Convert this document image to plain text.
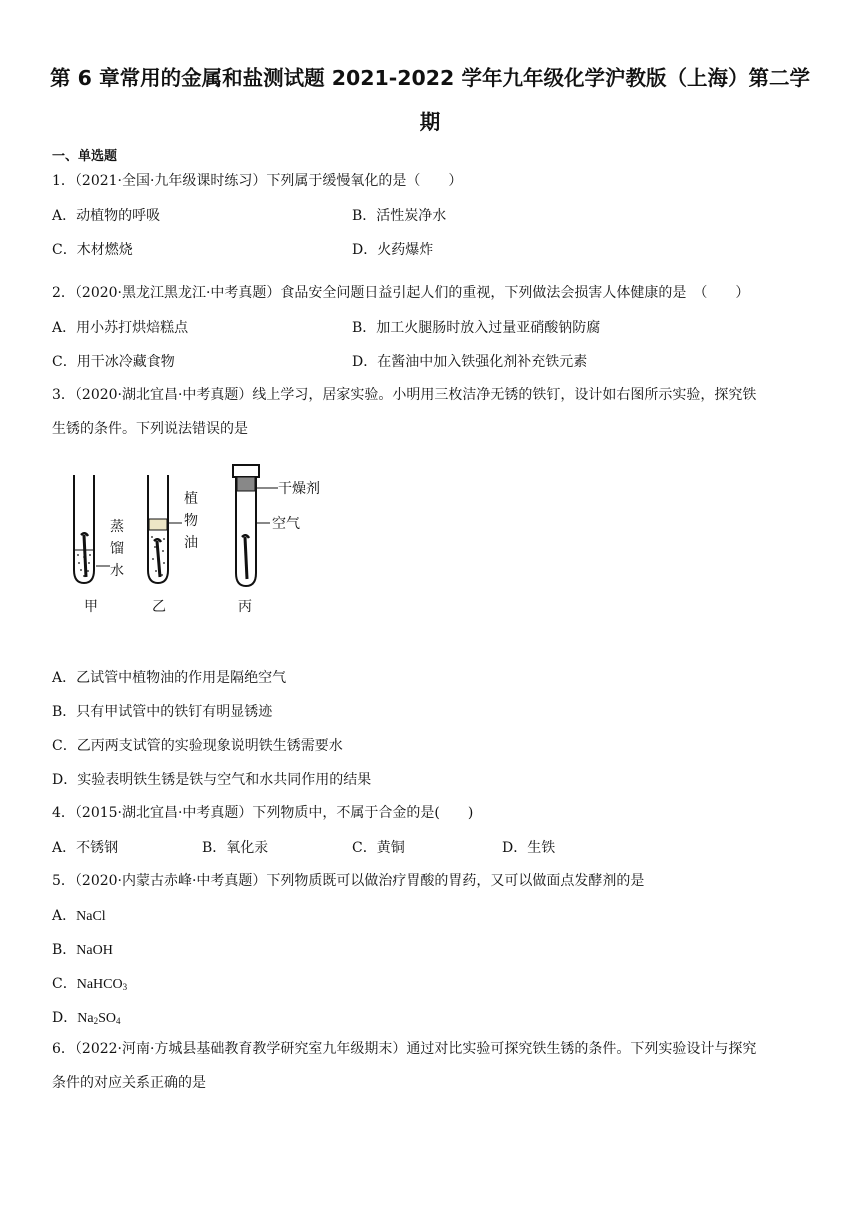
第 6 章常用的金属和盐测试题 2021-2022 学年九年级化学沪教版（上海）第二学
期
一、单选题
1．（2021·全国·九年级课时练习）下列属于缓慢氧化的是（　　）
A．动植物的呼吸	B．活性炭净水
C．木材燃烧	D．火药爆炸
2．（2020·黑龙江黑龙江·中考真题）食品安全问题日益引起人们的重视，下列做法会损害人体健康的是　（　　）
A．用小苏打烘焙糕点	B．加工火腿肠时放入过量亚硝酸钠防腐
C．用干冰冷藏食物	D．在酱油中加入铁强化剂补充铁元素
3．（2020·湖北宜昌·中考真题）线上学习，居家实验。小明用三枚洁净无锈的铁钉，设计如右图所示实验，探究铁
生锈的条件。下列说法错误的是
蒸
馏
水
植
物
油
干燥剂
空气
甲	乙	丙
A．乙试管中植物油的作用是隔绝空气
B．只有甲试管中的铁钉有明显锈迹
C．乙丙两支试管的实验现象说明铁生锈需要水
D．实验表明铁生锈是铁与空气和水共同作用的结果
4．（2015·湖北宜昌·中考真题）下列物质中，不属于合金的是(　　)
A．不锈钢	B．氧化汞	C．黄铜	D．生铁
5．（2020·内蒙古赤峰·中考真题）下列物质既可以做治疗胃酸的胃药，又可以做面点发酵剂的是
A．NaCl
B．NaOH
C．NaHCO$_3$
D．$Na_2SO_4$
6．（2022·河南·方城县基础教育教学研究室九年级期末）通过对比实验可探究铁生锈的条件。下列实验设计与探究
条件的对应关系正确的是
